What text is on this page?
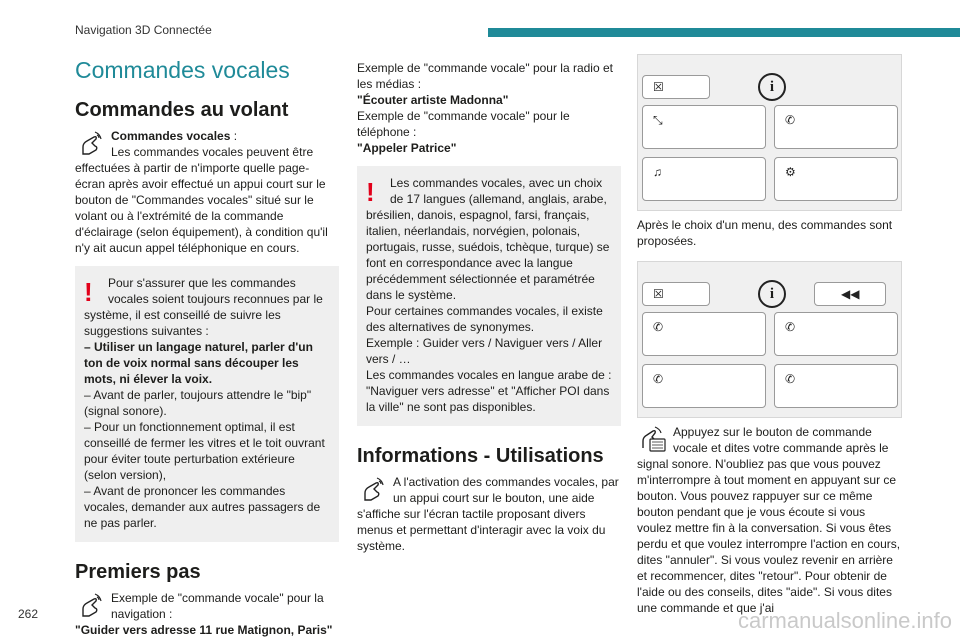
Navigation 3D Connectée
Commandes vocales
Commandes au volant

Commandes vocales :

Les commandes vocales peuvent être effectuées à partir de n'importe quelle page-écran après avoir effectué un appui court sur le bouton de "Commandes vocales" situé sur le volant ou à l'extrémité de la commande d'éclairage (selon équipement), à condition qu'il n'y ait aucun appel téléphonique en cours.

!	Pour s'assurer que les commandes vocales soient toujours reconnues par le système, il est conseillé de suivre les suggestions suivantes :

– Utiliser un langage naturel, parler d'un ton de voix normal sans découper les mots, ni élever la voix.

– Avant de parler, toujours attendre le "bip" (signal sonore).

– Pour un fonctionnement optimal, il est conseillé de fermer les vitres et le toit ouvrant pour éviter toute perturbation extérieure (selon version),

– Avant de prononcer les commandes vocales, demander aux autres passagers de ne pas parler.

Premiers pas

Exemple de "commande vocale" pour la navigation :

"Guider vers adresse 11 rue Matignon, Paris"

Exemple de "commande vocale" pour la radio et les médias :

"Écouter artiste Madonna"

Exemple de "commande vocale" pour le téléphone :

"Appeler Patrice"

!	Les commandes vocales, avec un choix de 17 langues (allemand, anglais, arabe, brésilien, danois, espagnol, farsi, français, italien, néerlandais, norvégien, polonais, portugais, russe, suédois, tchèque, turque) se font en correspondance avec la langue précédemment sélectionnée et paramétrée dans le système.

Pour certaines commandes vocales, il existe des alternatives de synonymes.

Exemple : Guider vers / Naviguer vers / Aller vers / …

Les commandes vocales en langue arabe de : "Naviguer vers adresse" et "Afficher POI dans la ville" ne sont pas disponibles.

Informations - Utilisations

A l'activation des commandes vocales, par un appui court sur le bouton, une aide s'affiche sur l'écran tactile proposant divers menus et permettant d'interagir avec la voix du système.

☒	i
⤡	✆
♫	⚙

Après le choix d'un menu, des commandes sont proposées.

☒	i	◀◀
✆	✆
✆	✆

Appuyez sur le bouton de commande vocale et dites votre commande après le signal sonore. N'oubliez pas que vous pouvez m'interrompre à tout moment en appuyant sur ce bouton. Vous pouvez rappuyer sur ce même bouton pendant que je vous écoute si vous voulez mettre fin à la conversation. Si vous êtes perdu et que voulez interrompre l'action en cours, dites "annuler". Si vous voulez revenir en arrière et recommencer, dites "retour". Pour obtenir de l'aide ou des conseils, dites "aide". Si vous dites une commande et que j'ai

262	carmanualsonline.info
